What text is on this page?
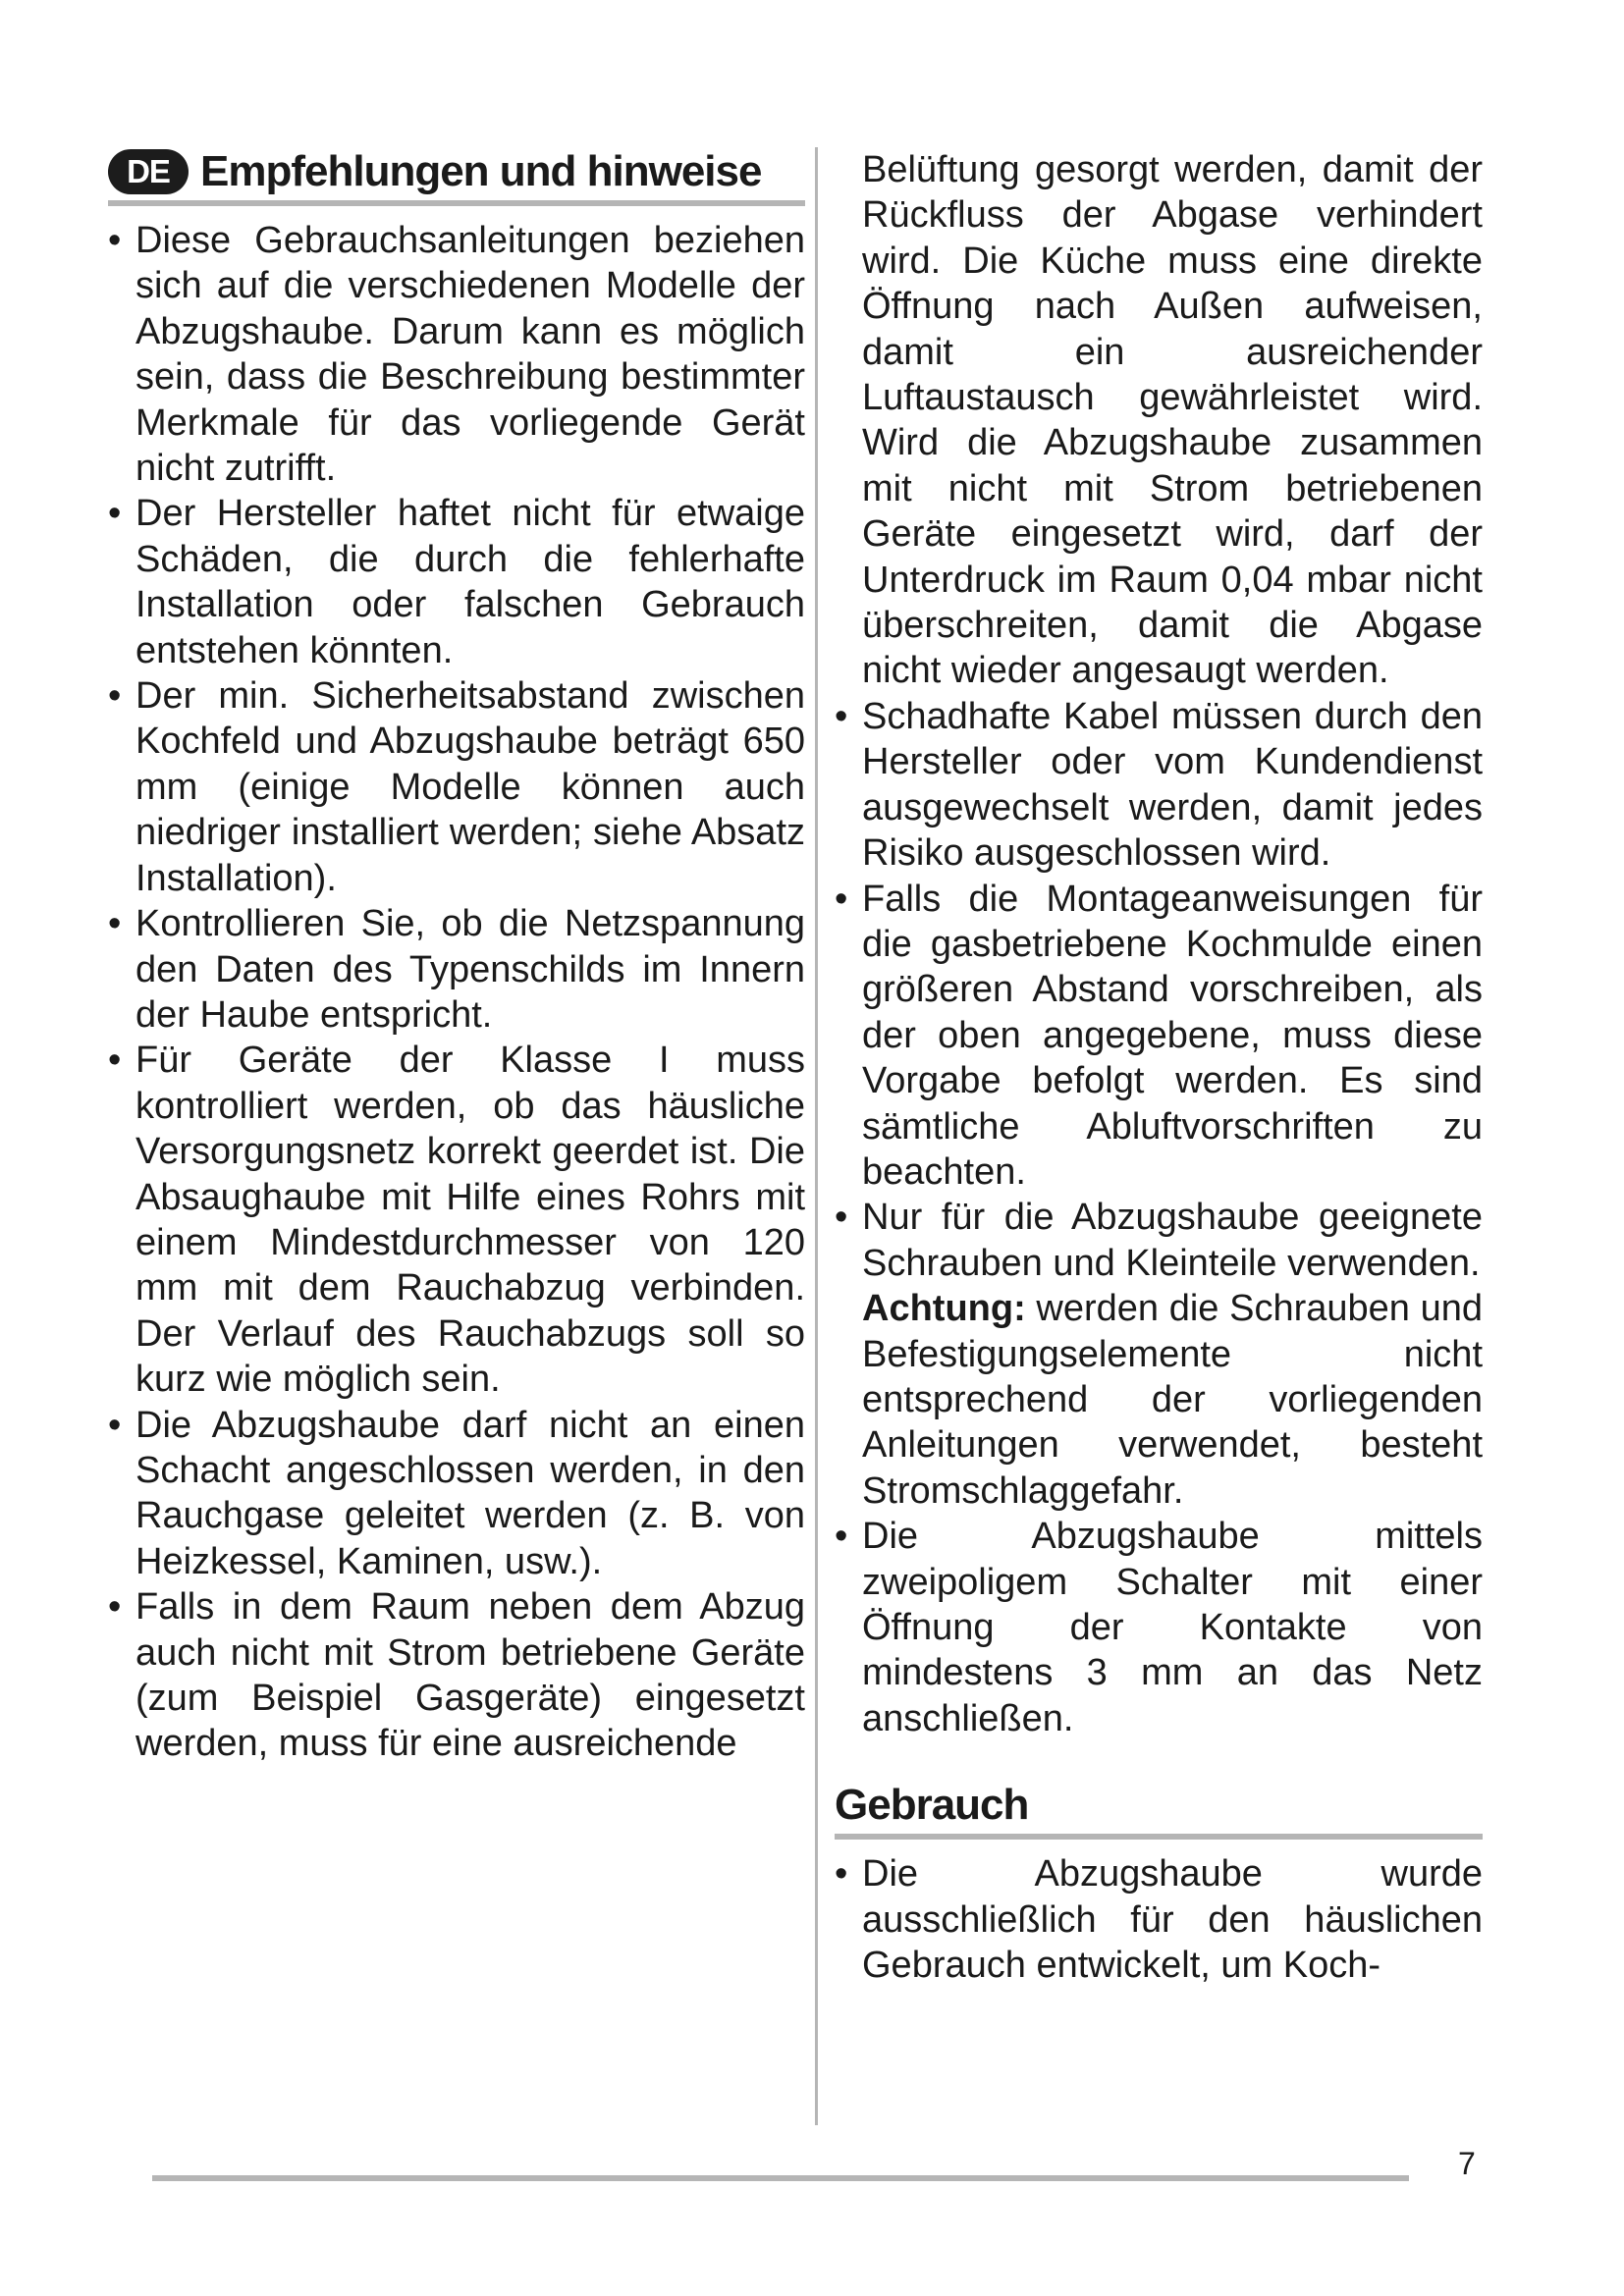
DE Empfehlungen und hinweise
• Diese Gebrauchsanleitungen beziehen sich auf die verschiedenen Modelle der Abzugshaube. Darum kann es möglich sein, dass die Beschreibung bestimmter Merkmale für das vorliegende Gerät nicht zutrifft.
• Der Hersteller haftet nicht für etwaige Schäden, die durch die fehlerhafte Installation oder falschen Gebrauch entstehen könnten.
• Der min. Sicherheitsabstand zwischen Kochfeld und Abzugshaube beträgt 650 mm (einige Modelle können auch niedriger installiert werden; siehe Absatz Installation).
• Kontrollieren Sie, ob die Netzspannung den Daten des Typenschilds im Innern der Haube entspricht.
• Für Geräte der Klasse I muss kontrolliert werden, ob das häusliche Versorgungsnetz korrekt geerdet ist. Die Absaughaube mit Hilfe eines Rohrs mit einem Mindestdurchmesser von 120 mm mit dem Rauchabzug verbinden. Der Verlauf des Rauchabzugs soll so kurz wie möglich sein.
• Die Abzugshaube darf nicht an einen Schacht angeschlossen werden, in den Rauchgase geleitet werden (z. B. von Heizkessel, Kaminen, usw.).
• Falls in dem Raum neben dem Abzug auch nicht mit Strom betriebene Geräte (zum Beispiel Gasgeräte) eingesetzt werden, muss für eine ausreichende

Belüftung gesorgt werden, damit der Rückfluss der Abgase verhindert wird. Die Küche muss eine direkte Öffnung nach Außen aufweisen, damit ein ausreichender Luftaustausch gewährleistet wird. Wird die Abzugshaube zusammen mit nicht mit Strom betriebenen Geräte eingesetzt wird, darf der Unterdruck im Raum 0,04 mbar nicht überschreiten, damit die Abgase nicht wieder angesaugt werden.

• Schadhafte Kabel müssen durch den Hersteller oder vom Kundendienst ausgewechselt werden, damit jedes Risiko ausgeschlossen wird.
• Falls die Montageanweisungen für die gasbetriebene Kochmulde einen größeren Abstand vorschreiben, als der oben angegebene, muss diese Vorgabe befolgt werden. Es sind sämtliche Abluftvorschriften zu beachten.
• Nur für die Abzugshaube geeignete Schrauben und Kleinteile verwenden.

Achtung: werden die Schrauben und Befestigungselemente nicht entsprechend der vorliegenden Anleitungen verwendet, besteht Stromschlaggefahr.

• Die Abzugshaube mittels zweipoligem Schalter mit einer Öffnung der Kontakte von mindestens 3 mm an das Netz anschließen.
Gebrauch
• Die Abzugshaube wurde ausschließlich für den häuslichen Gebrauch entwickelt, um Koch-
7
